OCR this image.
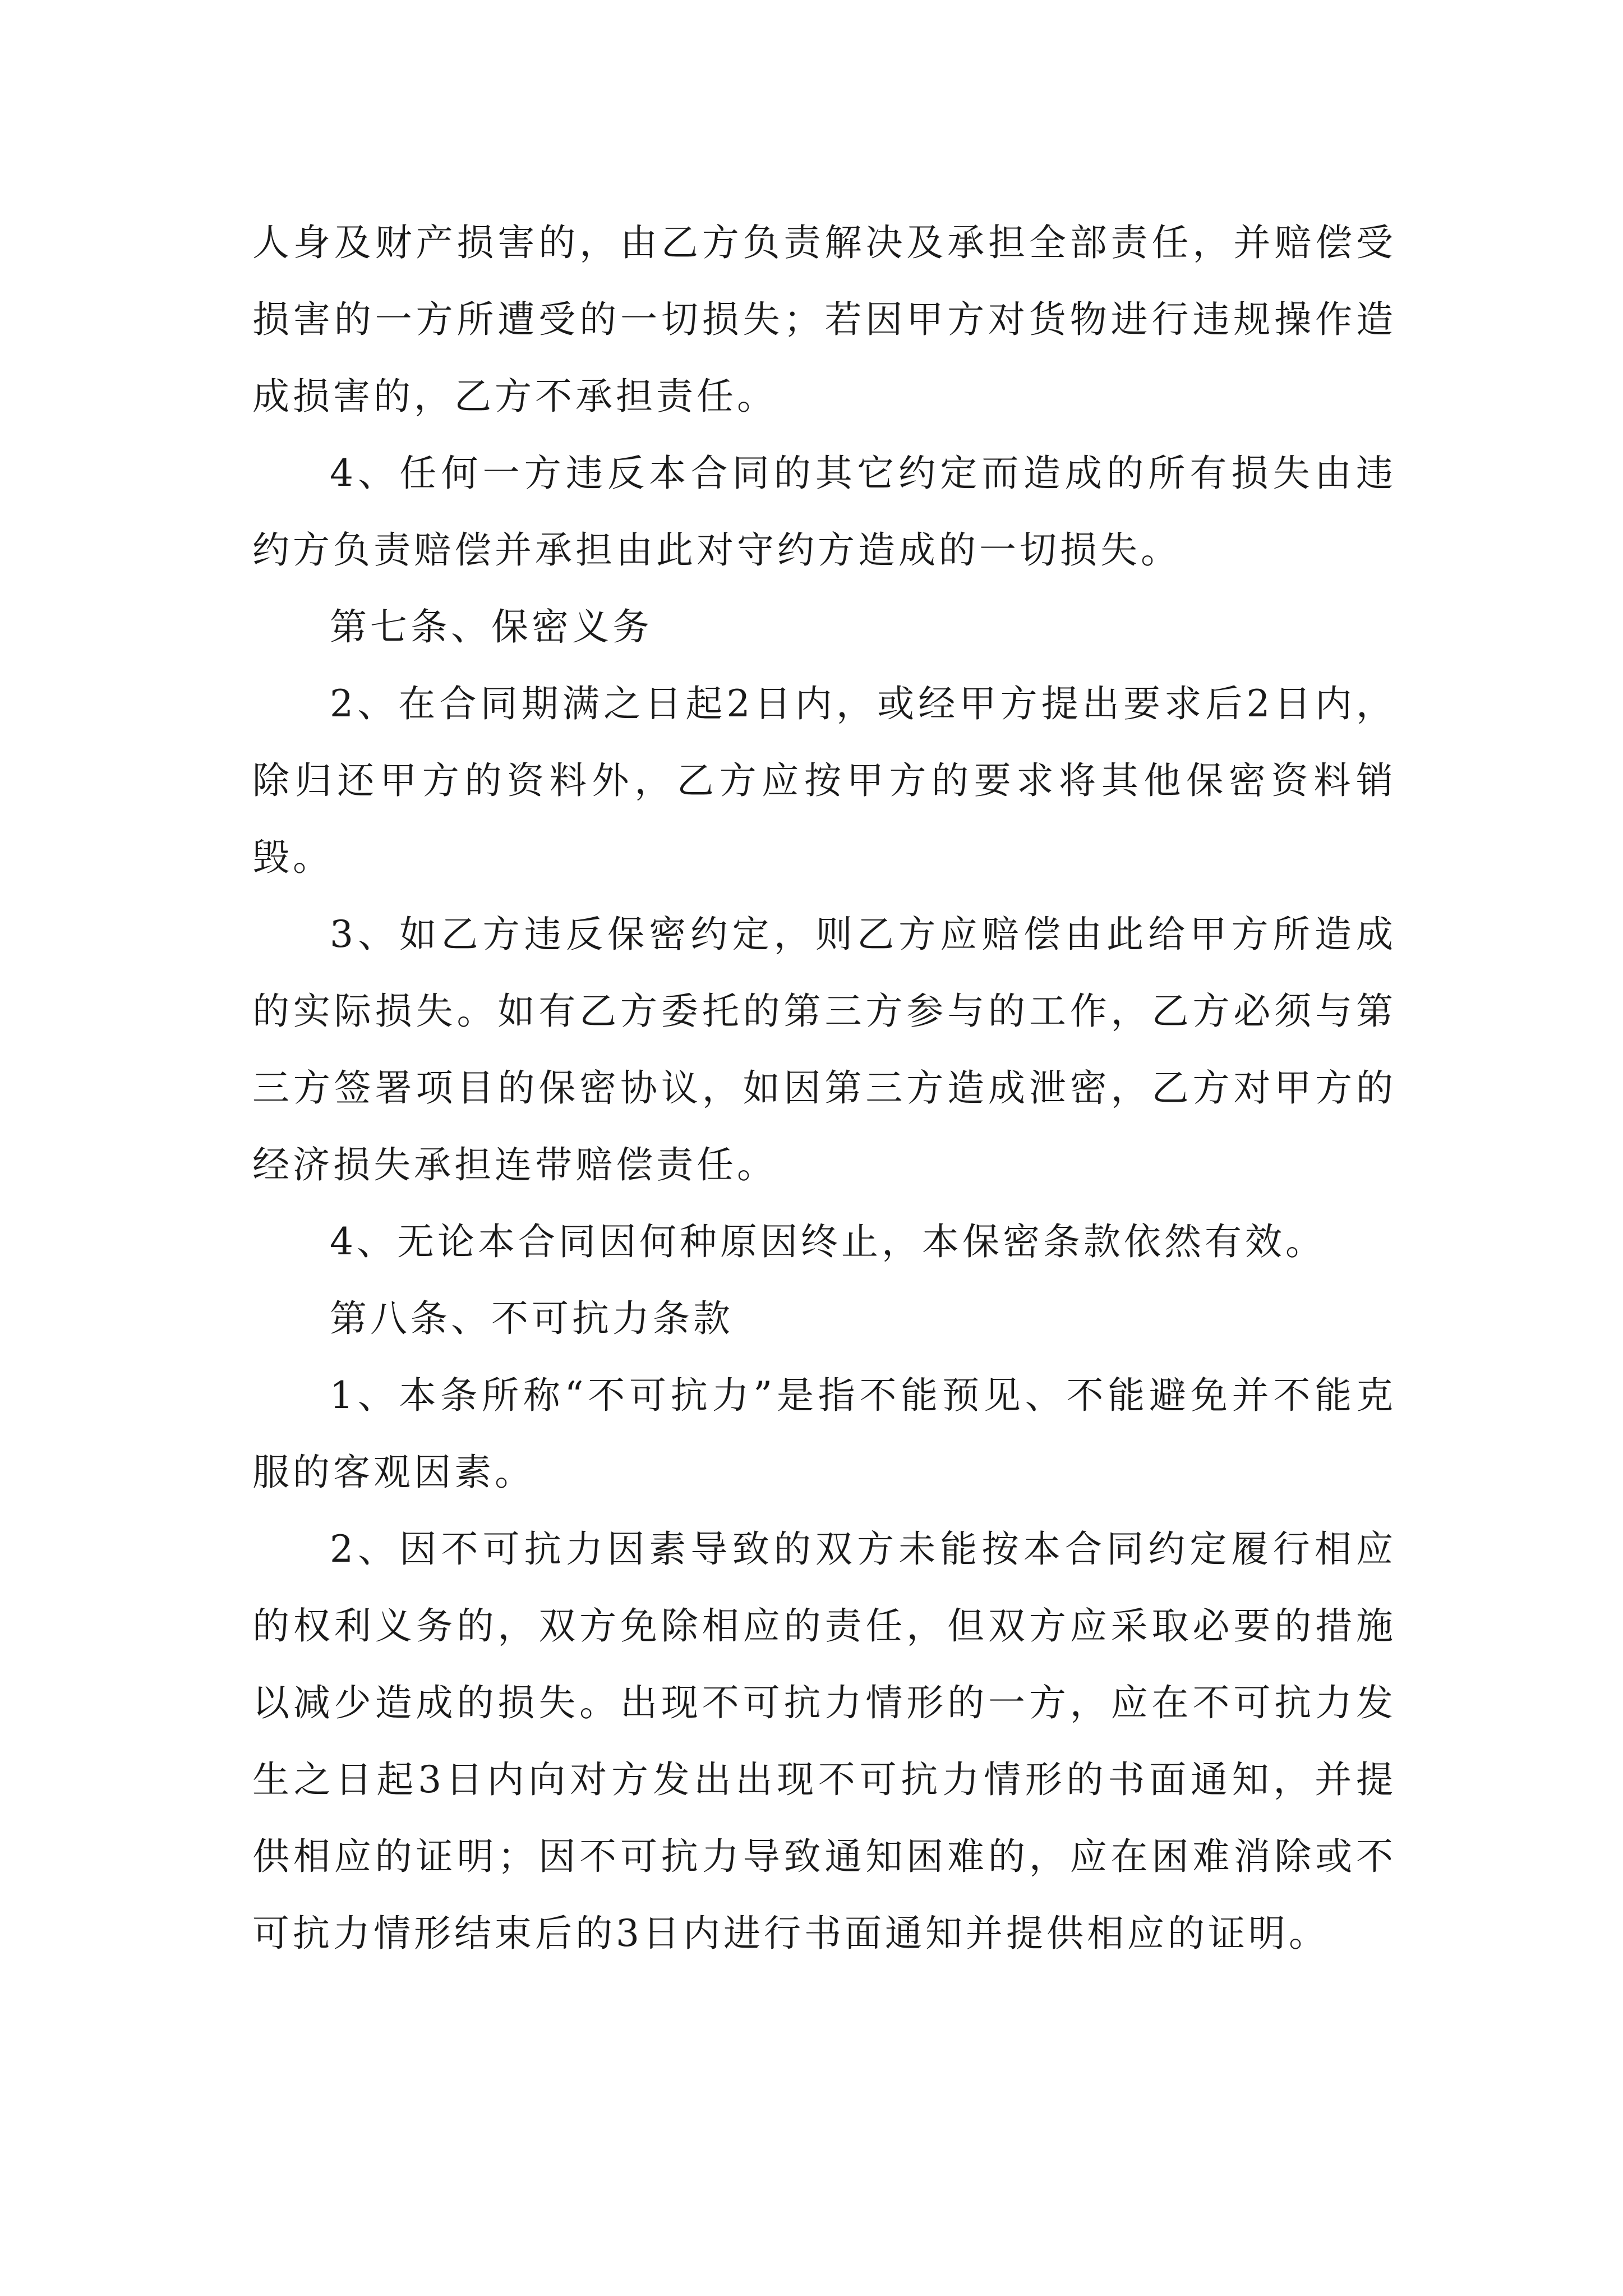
人身及财产损害的，由乙方负责解决及承担全部责任，并赔偿受损害的一方所遭受的一切损失；若因甲方对货物进行违规操作造成损害的，乙方不承担责任。

4、任何一方违反本合同的其它约定而造成的所有损失由违约方负责赔偿并承担由此对守约方造成的一切损失。

第七条、保密义务

2、在合同期满之日起2日内，或经甲方提出要求后2日内，除归还甲方的资料外，乙方应按甲方的要求将其他保密资料销毁。

3、如乙方违反保密约定，则乙方应赔偿由此给甲方所造成的实际损失。如有乙方委托的第三方参与的工作，乙方必须与第三方签署项目的保密协议，如因第三方造成泄密，乙方对甲方的经济损失承担连带赔偿责任。

4、无论本合同因何种原因终止，本保密条款依然有效。

第八条、不可抗力条款

1、本条所称“不可抗力”是指不能预见、不能避免并不能克服的客观因素。

2、因不可抗力因素导致的双方未能按本合同约定履行相应的权利义务的，双方免除相应的责任，但双方应采取必要的措施以减少造成的损失。出现不可抗力情形的一方，应在不可抗力发生之日起3日内向对方发出出现不可抗力情形的书面通知，并提供相应的证明；因不可抗力导致通知困难的，应在困难消除或不可抗力情形结束后的3日内进行书面通知并提供相应的证明。
